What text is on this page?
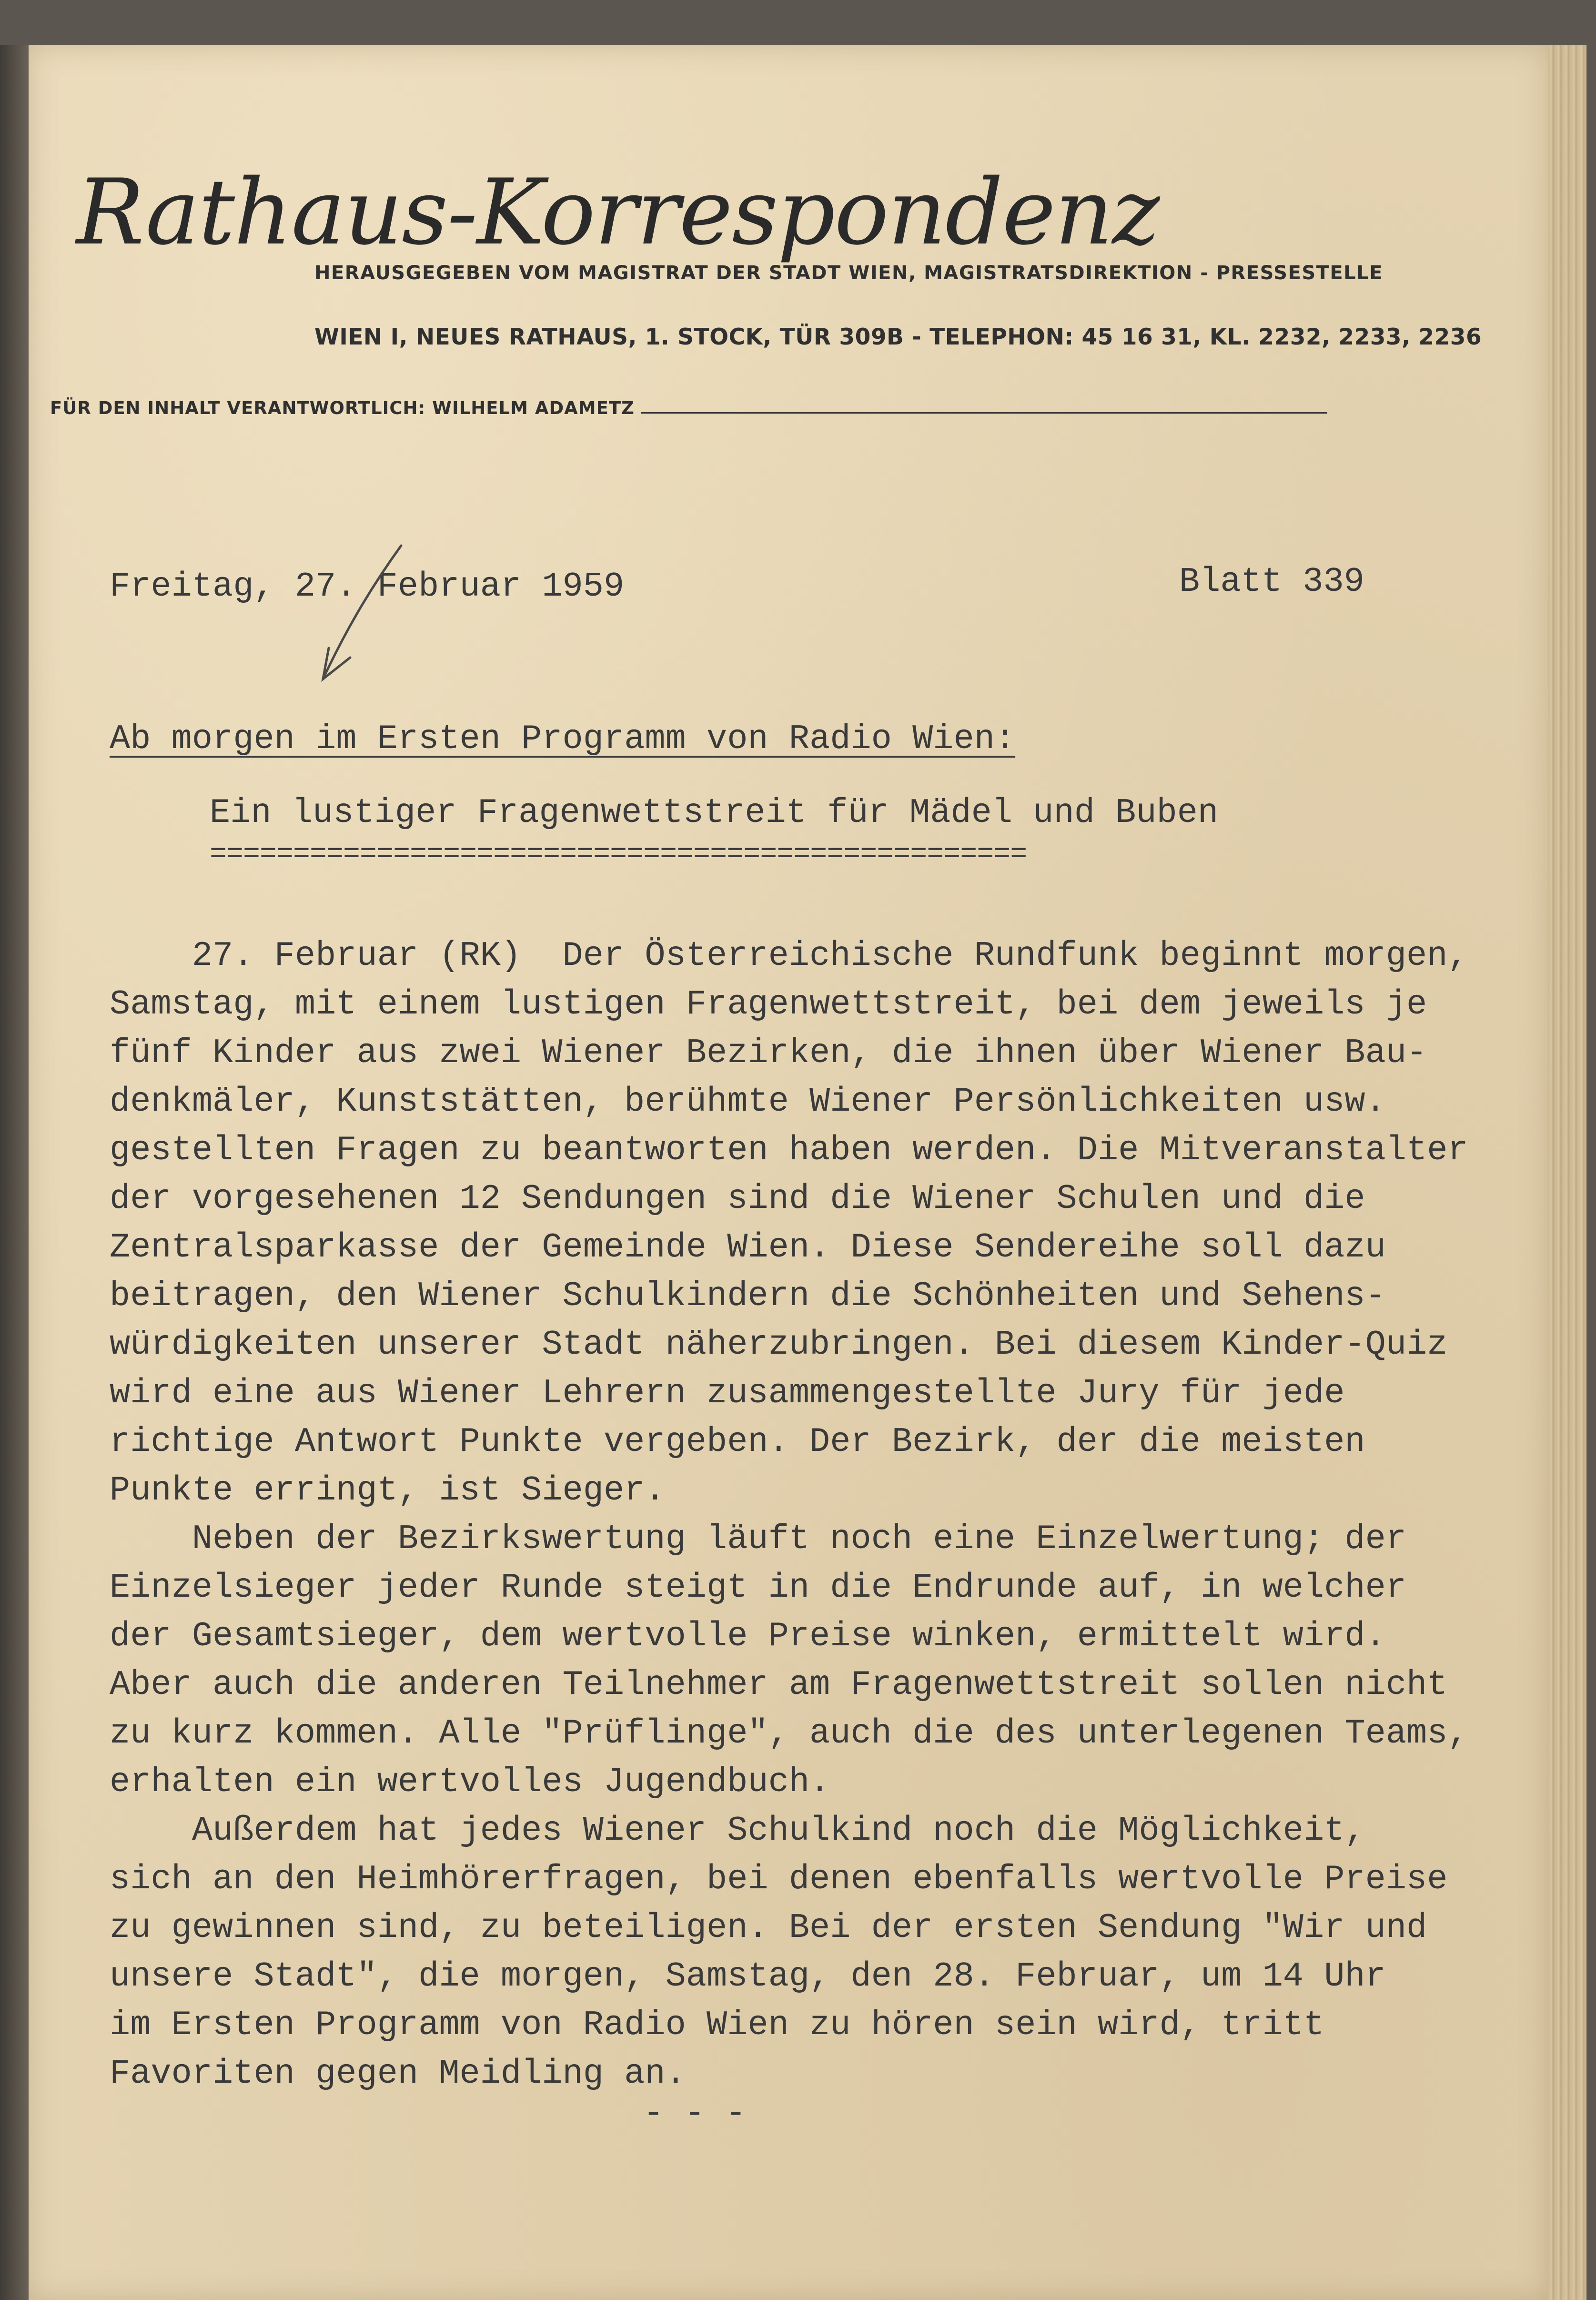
Rathaus-Korrespondenz
HERAUSGEGEBEN VOM MAGISTRAT DER STADT WIEN, MAGISTRATSDIREKTION - PRESSESTELLE
WIEN I, NEUES RATHAUS, 1. STOCK, TÜR 309B - TELEPHON: 45 16 31, KL. 2232, 2233, 2236
FÜR DEN INHALT VERANTWORTLICH: WILHELM ADAMETZ
Freitag, 27. Februar 1959	Blatt 339
Ab morgen im Ersten Programm von Radio Wien:
Ein lustiger Fragenwettstreit für Mädel und Buben
=================================================
27. Februar (RK)  Der Österreichische Rundfunk beginnt morgen,
Samstag, mit einem lustigen Fragenwettstreit, bei dem jeweils je
fünf Kinder aus zwei Wiener Bezirken, die ihnen über Wiener Bau-
denkmäler, Kunststätten, berühmte Wiener Persönlichkeiten usw.
gestellten Fragen zu beantworten haben werden. Die Mitveranstalter
der vorgesehenen 12 Sendungen sind die Wiener Schulen und die
Zentralsparkasse der Gemeinde Wien. Diese Sendereihe soll dazu
beitragen, den Wiener Schulkindern die Schönheiten und Sehens-
würdigkeiten unserer Stadt näherzubringen. Bei diesem Kinder-Quiz
wird eine aus Wiener Lehrern zusammengestellte Jury für jede
richtige Antwort Punkte vergeben. Der Bezirk, der die meisten
Punkte erringt, ist Sieger.
Neben der Bezirkswertung läuft noch eine Einzelwertung; der
Einzelsieger jeder Runde steigt in die Endrunde auf, in welcher
der Gesamtsieger, dem wertvolle Preise winken, ermittelt wird.
Aber auch die anderen Teilnehmer am Fragenwettstreit sollen nicht
zu kurz kommen. Alle "Prüflinge", auch die des unterlegenen Teams,
erhalten ein wertvolles Jugendbuch.
Außerdem hat jedes Wiener Schulkind noch die Möglichkeit,
sich an den Heimhörerfragen, bei denen ebenfalls wertvolle Preise
zu gewinnen sind, zu beteiligen. Bei der ersten Sendung "Wir und
unsere Stadt", die morgen, Samstag, den 28. Februar, um 14 Uhr
im Ersten Programm von Radio Wien zu hören sein wird, tritt
Favoriten gegen Meidling an.
- - -
